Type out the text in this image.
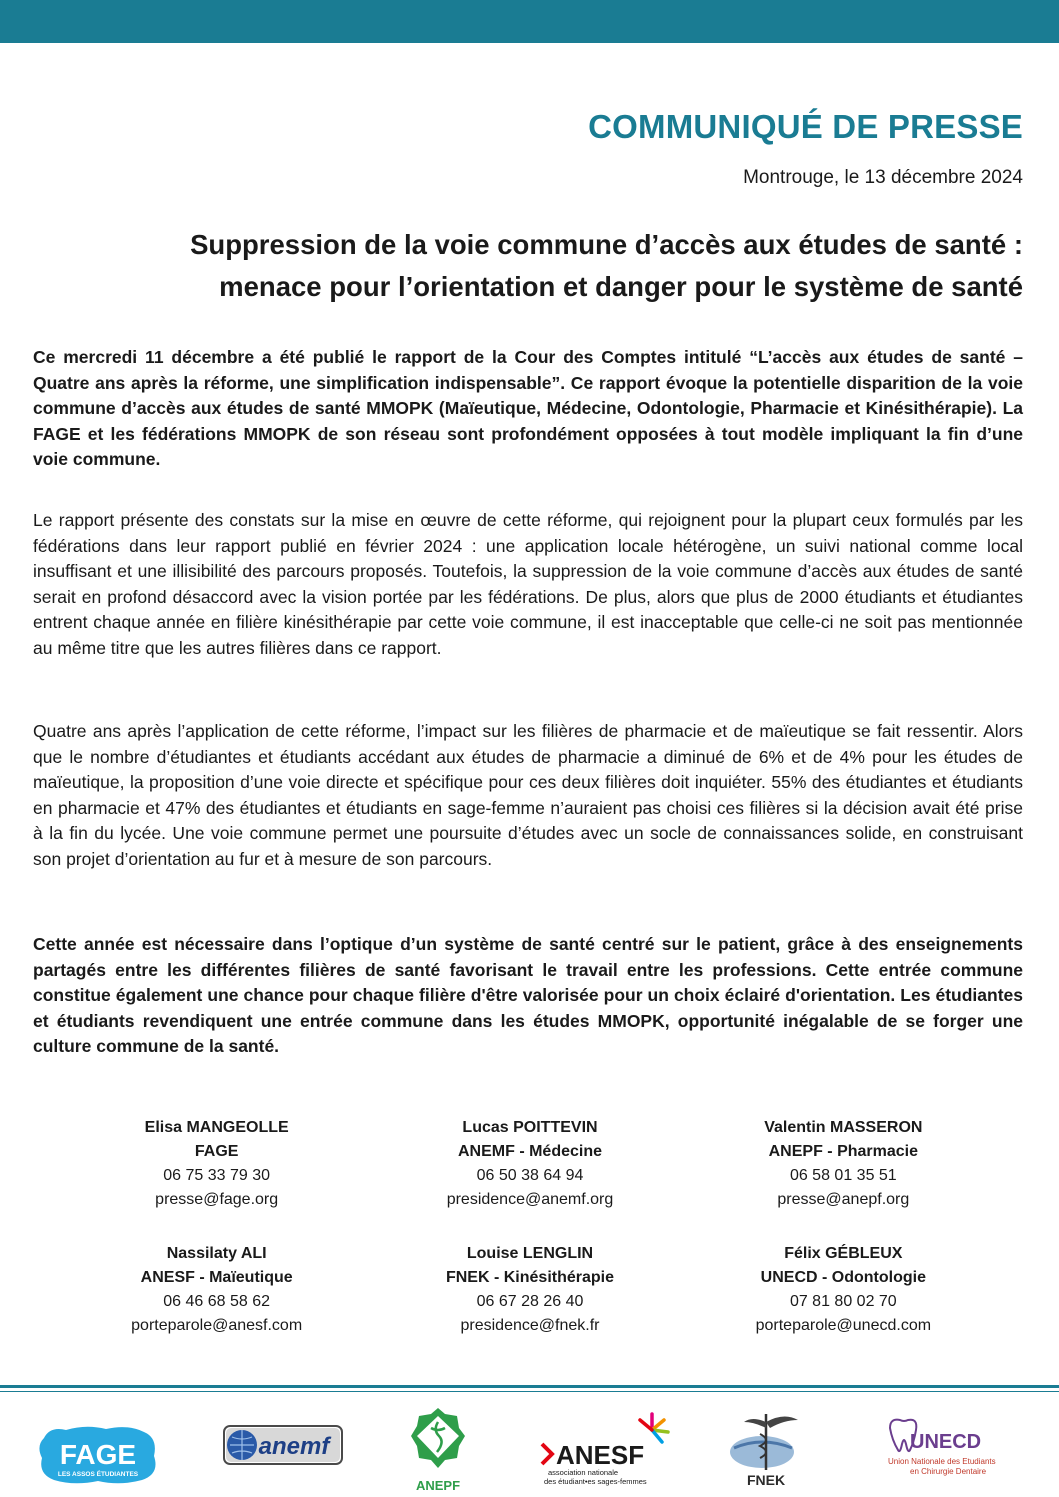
COMMUNIQUÉ DE PRESSE
Montrouge, le 13 décembre 2024
Suppression de la voie commune d’accès aux études de santé :
menace pour l’orientation et danger pour le système de santé

Ce mercredi 11 décembre a été publié le rapport de la Cour des Comptes intitulé “L’accès aux études de santé – Quatre ans après la réforme, une simplification indispensable”. Ce rapport évoque la potentielle disparition de la voie commune d’accès aux études de santé MMOPK (Maïeutique, Médecine, Odontologie, Pharmacie et Kinésithérapie). La FAGE et les fédérations MMOPK de son réseau sont profondément opposées à tout modèle impliquant la fin d’une voie commune.

Le rapport présente des constats sur la mise en œuvre de cette réforme, qui rejoignent pour la plupart ceux formulés par les fédérations dans leur rapport publié en février 2024 : une application locale hétérogène, un suivi national comme local insuffisant et une illisibilité des parcours proposés. Toutefois, la suppression de la voie commune d’accès aux études de santé serait en profond désaccord avec la vision portée par les fédérations. De plus, alors que plus de 2000 étudiants et étudiantes entrent chaque année en filière kinésithérapie par cette voie commune, il est inacceptable que celle-ci ne soit pas mentionnée au même titre que les autres filières dans ce rapport.

Quatre ans après l’application de cette réforme, l’impact sur les filières de pharmacie et de maïeutique se fait ressentir. Alors que le nombre d’étudiantes et étudiants accédant aux études de pharmacie a diminué de 6% et de 4% pour les études de maïeutique, la proposition d’une voie directe et spécifique pour ces deux filières doit inquiéter. 55% des étudiantes et étudiants en pharmacie et 47% des étudiantes et étudiants en sage-femme n’auraient pas choisi ces filières si la décision avait été prise à la fin du lycée. Une voie commune permet une poursuite d’études avec un socle de connaissances solide, en construisant son projet d’orientation au fur et à mesure de son parcours.

Cette année est nécessaire dans l’optique d’un système de santé centré sur le patient, grâce à des enseignements partagés entre les différentes filières de santé favorisant le travail entre les professions. Cette entrée commune constitue également une chance pour chaque filière d'être valorisée pour un choix éclairé d'orientation. Les étudiantes et étudiants revendiquent une entrée commune dans les études MMOPK, opportunité inégalable de se forger une culture commune de la santé.

Elisa MANGEOLLE
FAGE
06 75 33 79 30
presse@fage.org
Lucas POITTEVIN
ANEMF - Médecine
06 50 38 64 94
presidence@anemf.org
Valentin MASSERON
ANEPF - Pharmacie
06 58 01 35 51
presse@anepf.org
Nassilaty ALI
ANESF - Maïeutique
06 46 68 58 62
porteparole@anesf.com
Louise LENGLIN
FNEK - Kinésithérapie
06 67 28 26 40
presidence@fnek.fr
Félix GÉBLEUX
UNECD - Odontologie
07 81 80 02 70
porteparole@unecd.com
FAGE
LES ASSOS ÉTUDIANTES
anemf
ANEPF
ANESF
association nationale
des étudiant•es sages-femmes	FNEK
UNECD
Union Nationale des Etudiants
en Chirurgie Dentaire
